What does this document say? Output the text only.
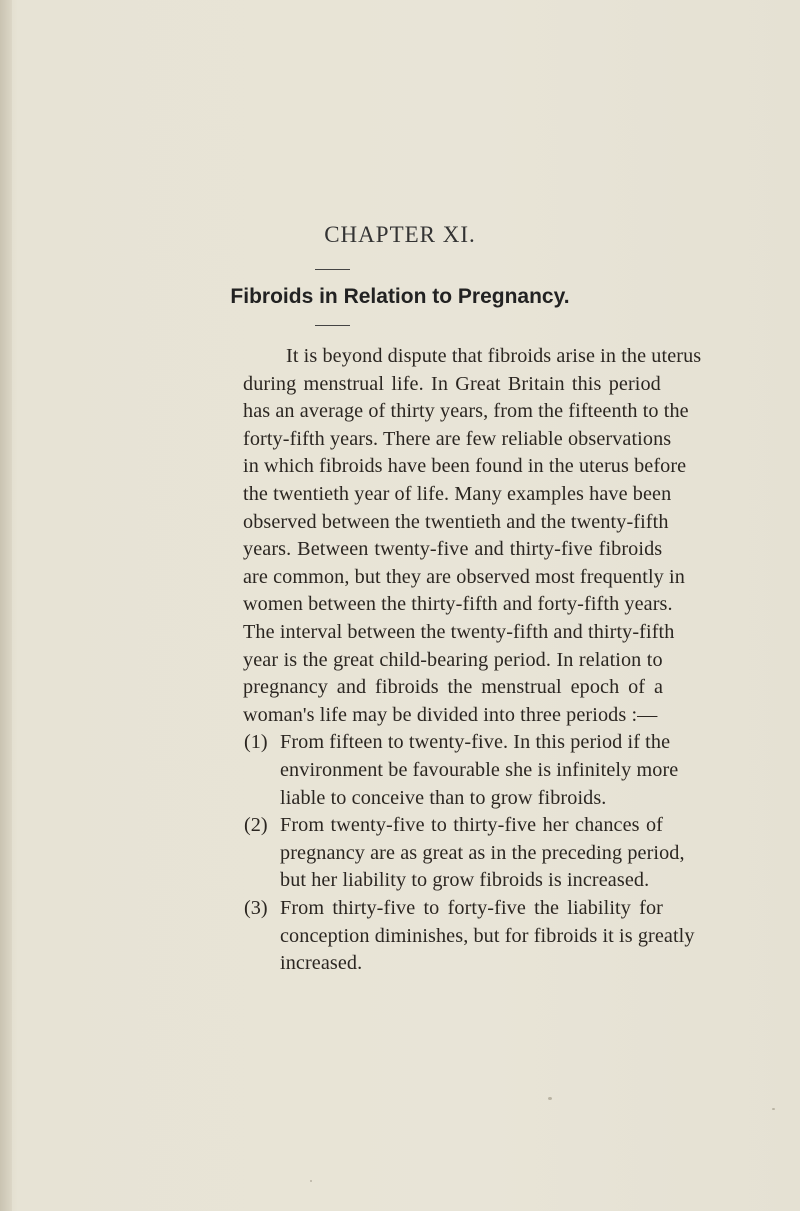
CHAPTER XI.
Fibroids in Relation to Pregnancy.
It is beyond dispute that fibroids arise in the uterus
during menstrual life. In Great Britain this period
has an average of thirty years, from the fifteenth to the
forty-fifth years. There are few reliable observations
in which fibroids have been found in the uterus before
the twentieth year of life. Many examples have been
observed between the twentieth and the twenty-fifth
years. Between twenty-five and thirty-five fibroids
are common, but they are observed most frequently in
women between the thirty-fifth and forty-fifth years.
The interval between the twenty-fifth and thirty-fifth
year is the great child-bearing period. In relation to
pregnancy and fibroids the menstrual epoch of a
woman's life may be divided into three periods :—
(1) From fifteen to twenty-five. In this period if the
environment be favourable she is infinitely more
liable to conceive than to grow fibroids.
(2) From twenty-five to thirty-five her chances of
pregnancy are as great as in the preceding period,
but her liability to grow fibroids is increased.
(3) From thirty-five to forty-five the liability for
conception diminishes, but for fibroids it is greatly
increased.
